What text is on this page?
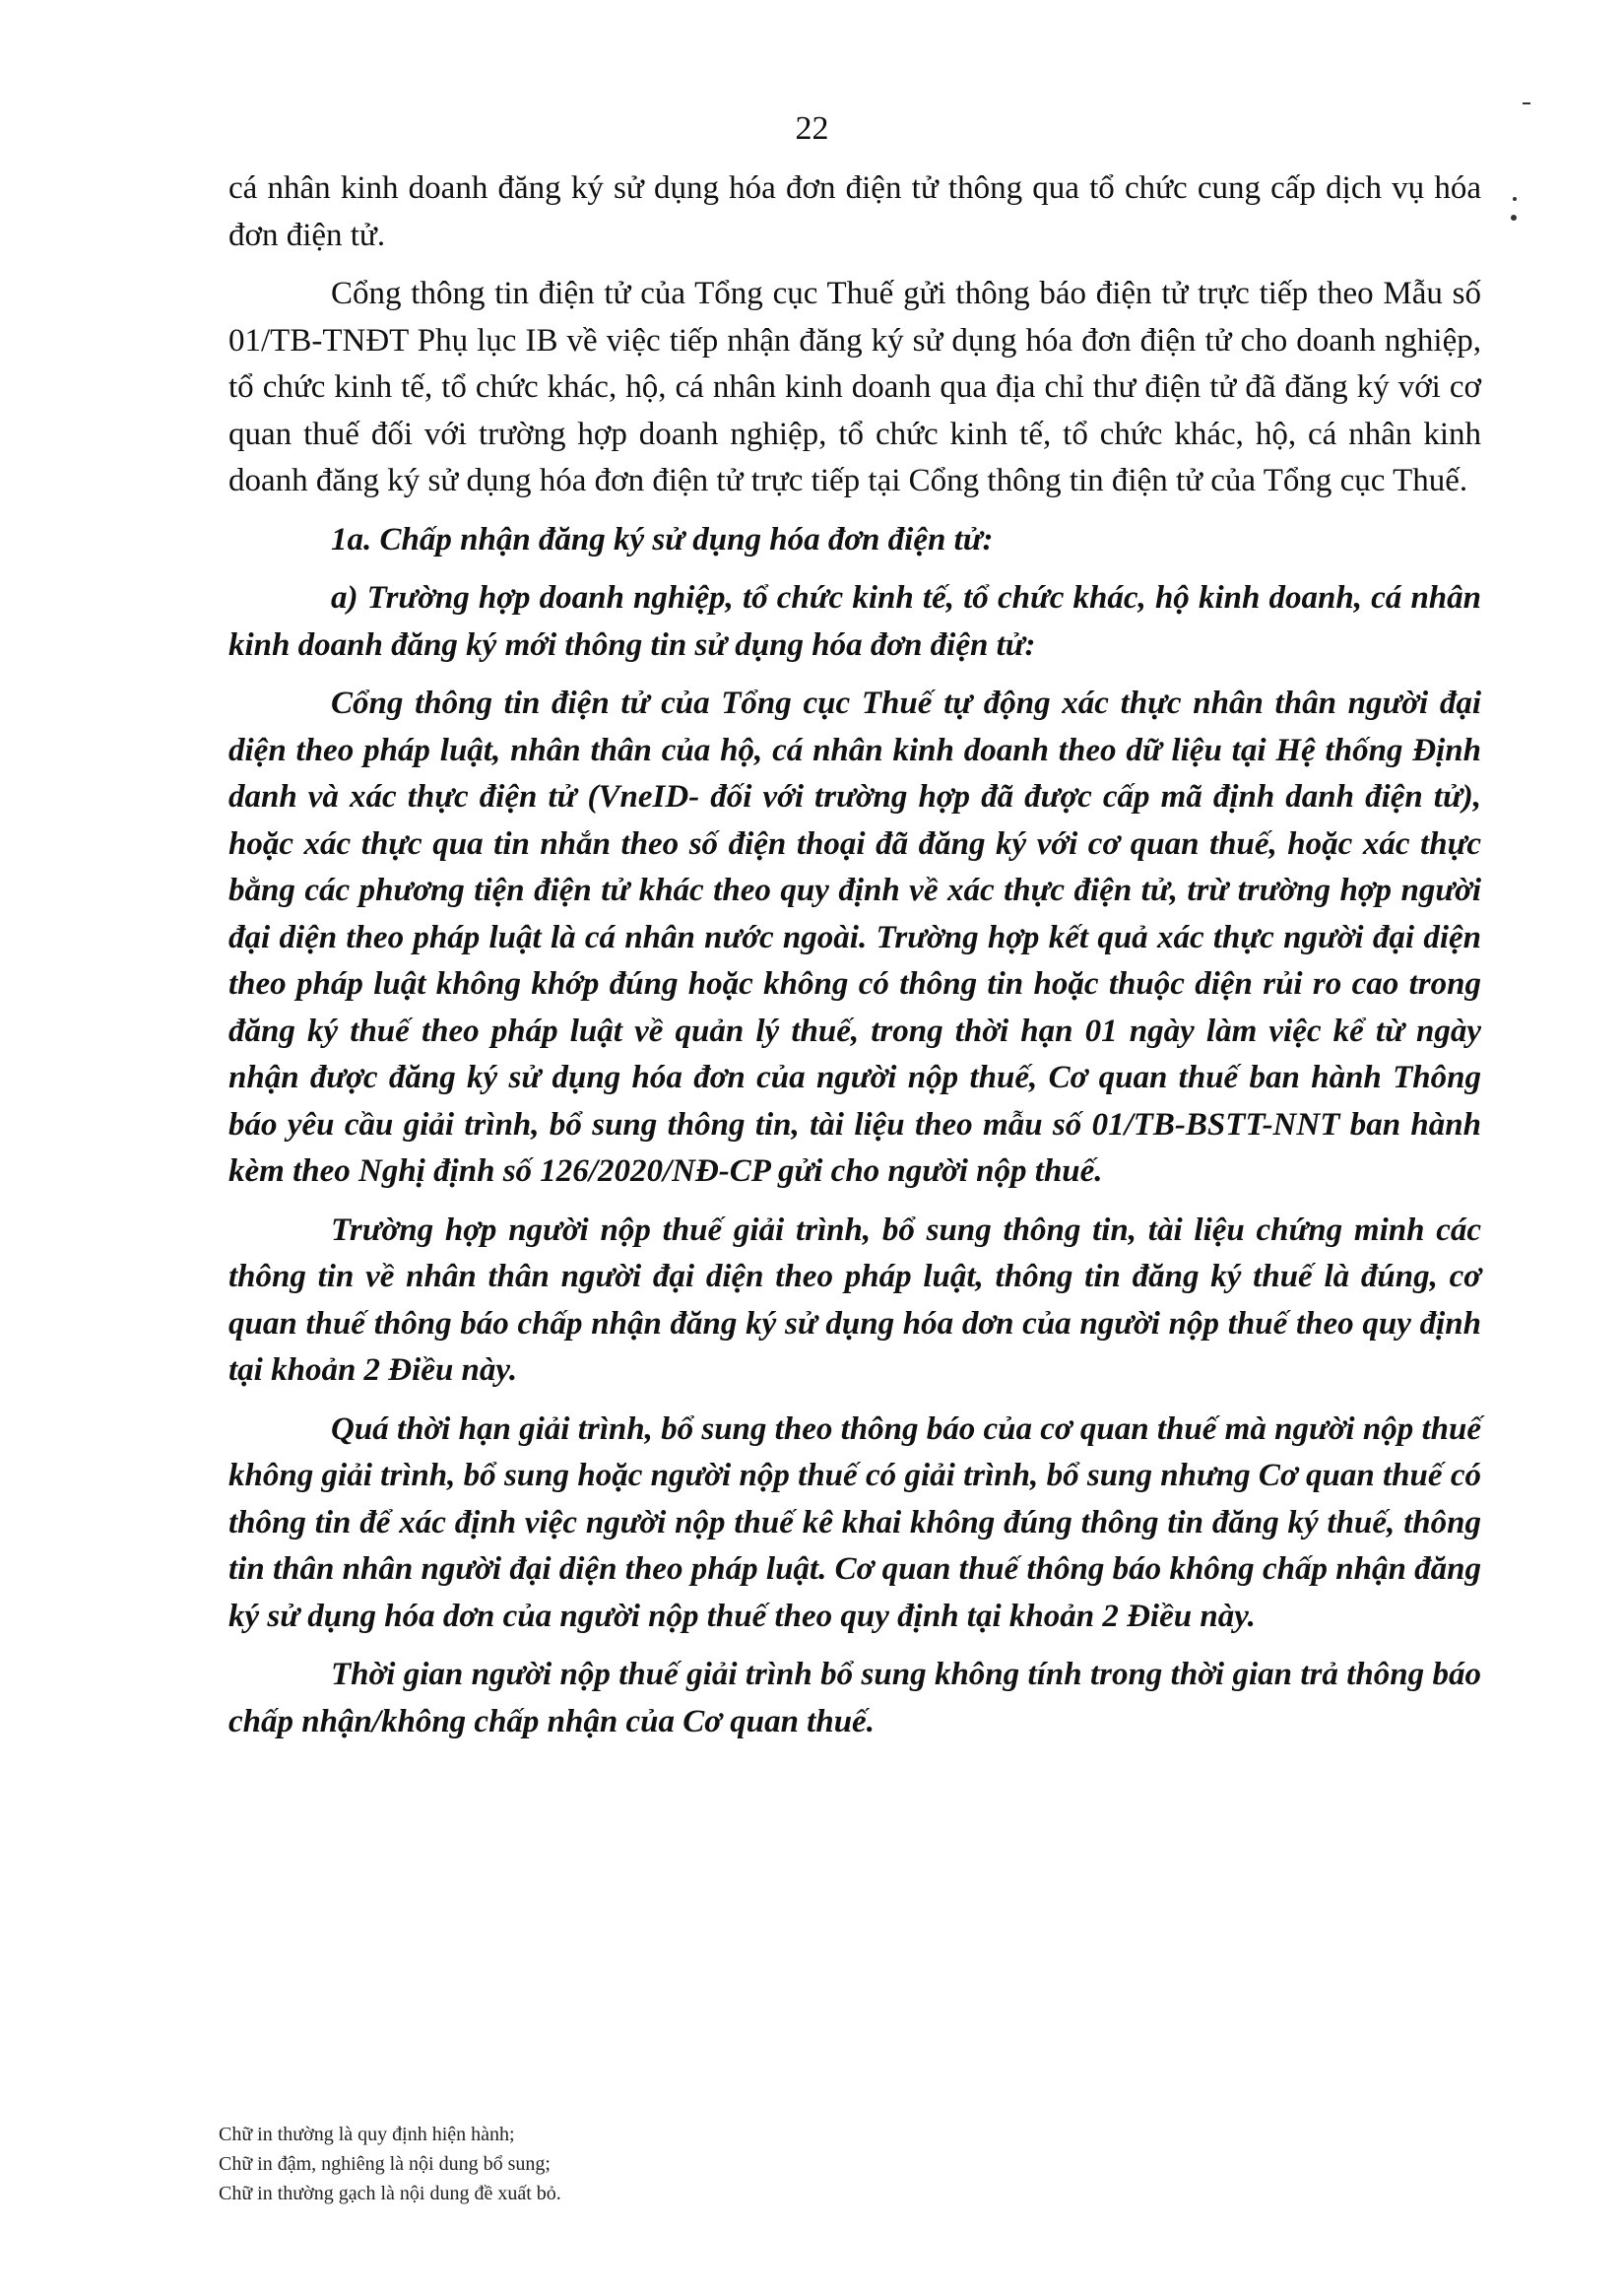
22

cá nhân kinh doanh đăng ký sử dụng hóa đơn điện tử thông qua tổ chức cung cấp dịch vụ hóa đơn điện tử.

Cổng thông tin điện tử của Tổng cục Thuế gửi thông báo điện tử trực tiếp theo Mẫu số 01/TB-TNĐT Phụ lục IB về việc tiếp nhận đăng ký sử dụng hóa đơn điện tử cho doanh nghiệp, tổ chức kinh tế, tổ chức khác, hộ, cá nhân kinh doanh qua địa chỉ thư điện tử đã đăng ký với cơ quan thuế đối với trường hợp doanh nghiệp, tổ chức kinh tế, tổ chức khác, hộ, cá nhân kinh doanh đăng ký sử dụng hóa đơn điện tử trực tiếp tại Cổng thông tin điện tử của Tổng cục Thuế.

1a. Chấp nhận đăng ký sử dụng hóa đơn điện tử:

a) Trường hợp doanh nghiệp, tổ chức kinh tế, tổ chức khác, hộ kinh doanh, cá nhân kinh doanh đăng ký mới thông tin sử dụng hóa đơn điện tử:

Cổng thông tin điện tử của Tổng cục Thuế tự động xác thực nhân thân người đại diện theo pháp luật, nhân thân của hộ, cá nhân kinh doanh theo dữ liệu tại Hệ thống Định danh và xác thực điện tử (VneID- đối với trường hợp đã được cấp mã định danh điện tử), hoặc xác thực qua tin nhắn theo số điện thoại đã đăng ký với cơ quan thuế, hoặc xác thực bằng các phương tiện điện tử khác theo quy định về xác thực điện tử, trừ trường hợp người đại diện theo pháp luật là cá nhân nước ngoài. Trường hợp kết quả xác thực người đại diện theo pháp luật không khớp đúng hoặc không có thông tin hoặc thuộc diện rủi ro cao trong đăng ký thuế theo pháp luật về quản lý thuế, trong thời hạn 01 ngày làm việc kể từ ngày nhận được đăng ký sử dụng hóa đơn của người nộp thuế, Cơ quan thuế ban hành Thông báo yêu cầu giải trình, bổ sung thông tin, tài liệu theo mẫu số 01/TB-BSTT-NNT ban hành kèm theo Nghị định số 126/2020/NĐ-CP gửi cho người nộp thuế.

Trường hợp người nộp thuế giải trình, bổ sung thông tin, tài liệu chứng minh các thông tin về nhân thân người đại diện theo pháp luật, thông tin đăng ký thuế là đúng, cơ quan thuế thông báo chấp nhận đăng ký sử dụng hóa dơn của người nộp thuế theo quy định tại khoản 2 Điều này.

Quá thời hạn giải trình, bổ sung theo thông báo của cơ quan thuế mà người nộp thuế không giải trình, bổ sung hoặc người nộp thuế có giải trình, bổ sung nhưng Cơ quan thuế có thông tin để xác định việc người nộp thuế kê khai không đúng thông tin đăng ký thuế, thông tin thân nhân người đại diện theo pháp luật. Cơ quan thuế thông báo không chấp nhận đăng ký sử dụng hóa dơn của người nộp thuế theo quy định tại khoản 2 Điều này.

Thời gian người nộp thuế giải trình bổ sung không tính trong thời gian trả thông báo chấp nhận/không chấp nhận của Cơ quan thuế.

Chữ in thường là quy định hiện hành;
Chữ in đậm, nghiêng là nội dung bổ sung;
Chữ in thường gạch là nội dung đề xuất bỏ.
